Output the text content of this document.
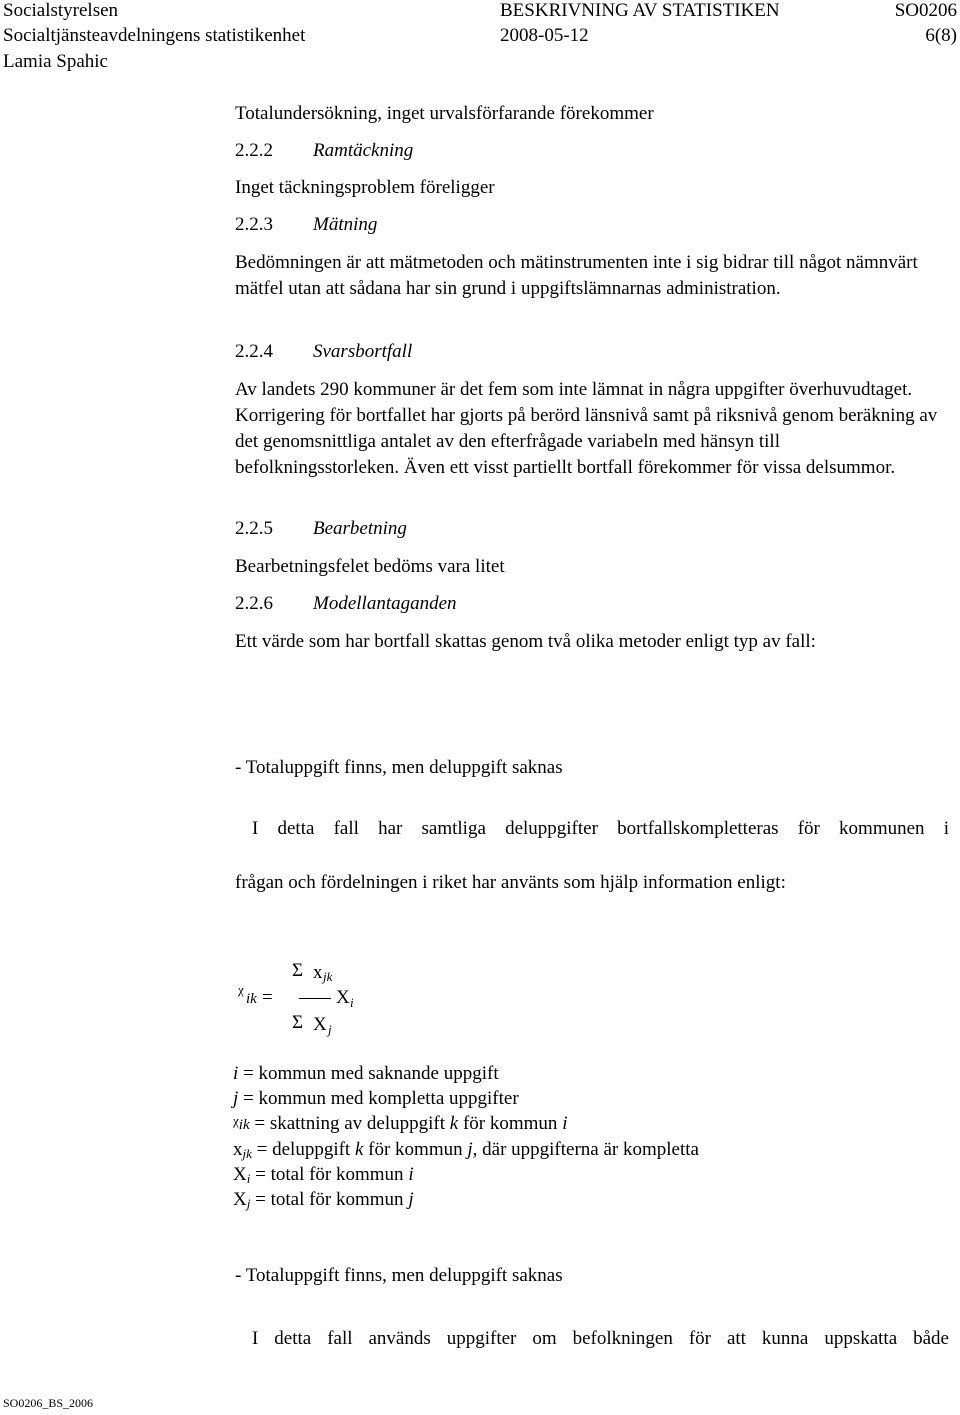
Socialstyrelsen
Socialtjänsteavdelningens statistikenhet
Lamia Spahic
BESKRIVNING AV STATISTIKEN
2008-05-12
SO0206
6(8)
Totalundersökning, inget urvalsförfarande förekommer
2.2.2 Ramtäckning
Inget täckningsproblem föreligger
2.2.3 Mätning
Bedömningen är att mätmetoden och mätinstrumenten inte i sig bidrar till något nämnvärt mätfel utan att sådana har sin grund i uppgiftslämnarnas administration.
2.2.4 Svarsbortfall
Av landets 290 kommuner är det fem som inte lämnat in några uppgifter överhuvudtaget. Korrigering för bortfallet har gjorts på berörd länsnivå samt på riksnivå genom beräkning av det genomsnittliga antalet av den efterfrågade variabeln med hänsyn till befolkningsstorleken. Även ett visst partiellt bortfall förekommer för vissa delsummor.
2.2.5 Bearbetning
Bearbetningsfelet bedöms vara litet
2.2.6 Modellantaganden
Ett värde som har bortfall skattas genom två olika metoder enligt typ av fall:
- Totaluppgift finns, men deluppgift saknas
I detta fall har samtliga deluppgifter bortfallskompletteras för kommunen i
frågan och fördelningen i riket har använts som hjälp information enligt:
χ
ik =
Σ x jk
X i
Σ X j
i = kommun med saknande uppgift
j = kommun med kompletta uppgifter
$^\chi$ik = skattning av deluppgift k för kommun i
$x_{jk}$ = deluppgift k för kommun j, där uppgifterna är kompletta
$X_i$ = total för kommun i
$X_j$ = total för kommun j
- Totaluppgift finns, men deluppgift saknas
I detta fall används uppgifter om befolkningen för att kunna uppskatta både
SO0206_BS_2006
